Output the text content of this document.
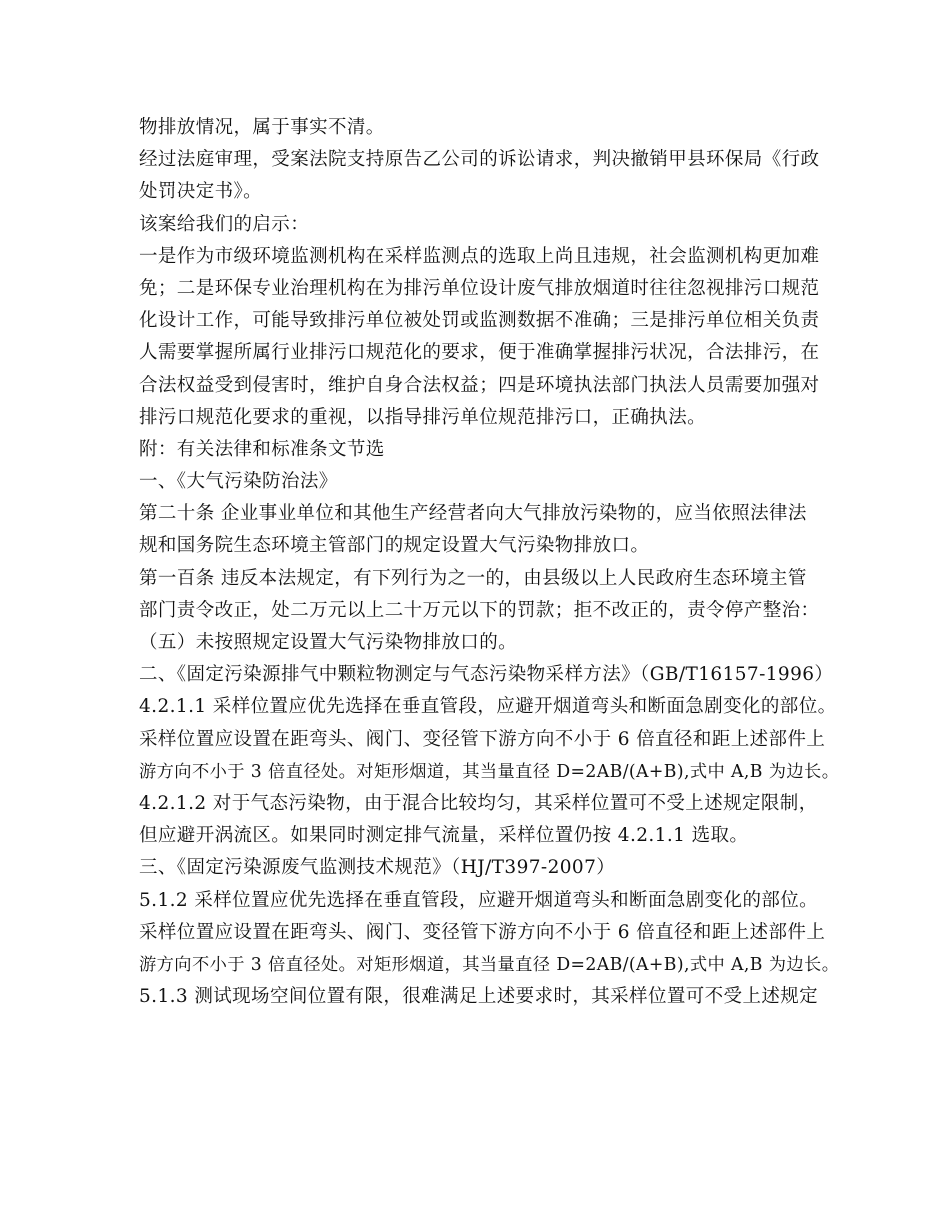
物排放情况，属于事实不清。
经过法庭审理，受案法院支持原告乙公司的诉讼请求，判决撤销甲县环保局《行政
处罚决定书》。
该案给我们的启示：
一是作为市级环境监测机构在采样监测点的选取上尚且违规，社会监测机构更加难
免；二是环保专业治理机构在为排污单位设计废气排放烟道时往往忽视排污口规范
化设计工作，可能导致排污单位被处罚或监测数据不准确；三是排污单位相关负责
人需要掌握所属行业排污口规范化的要求，便于准确掌握排污状况，合法排污，在
合法权益受到侵害时，维护自身合法权益；四是环境执法部门执法人员需要加强对
排污口规范化要求的重视，以指导排污单位规范排污口，正确执法。
附：有关法律和标准条文节选
一、《大气污染防治法》
第二十条 企业事业单位和其他生产经营者向大气排放污染物的，应当依照法律法
规和国务院生态环境主管部门的规定设置大气污染物排放口。
第一百条 违反本法规定，有下列行为之一的，由县级以上人民政府生态环境主管
部门责令改正，处二万元以上二十万元以下的罚款；拒不改正的，责令停产整治：
（五）未按照规定设置大气污染物排放口的。
二、《固定污染源排气中颗粒物测定与气态污染物采样方法》（GB/T16157-1996）
4.2.1.1 采样位置应优先选择在垂直管段，应避开烟道弯头和断面急剧变化的部位。
采样位置应设置在距弯头、阀门、变径管下游方向不小于 6 倍直径和距上述部件上
游方向不小于 3 倍直径处。对矩形烟道，其当量直径 D=2AB/(A+B),式中 A,B 为边长。
4.2.1.2 对于气态污染物，由于混合比较均匀，其采样位置可不受上述规定限制，
但应避开涡流区。如果同时测定排气流量，采样位置仍按 4.2.1.1 选取。
三、《固定污染源废气监测技术规范》（HJ/T397-2007）
5.1.2 采样位置应优先选择在垂直管段，应避开烟道弯头和断面急剧变化的部位。
采样位置应设置在距弯头、阀门、变径管下游方向不小于 6 倍直径和距上述部件上
游方向不小于 3 倍直径处。对矩形烟道，其当量直径 D=2AB/(A+B),式中 A,B 为边长。
5.1.3 测试现场空间位置有限，很难满足上述要求时，其采样位置可不受上述规定
